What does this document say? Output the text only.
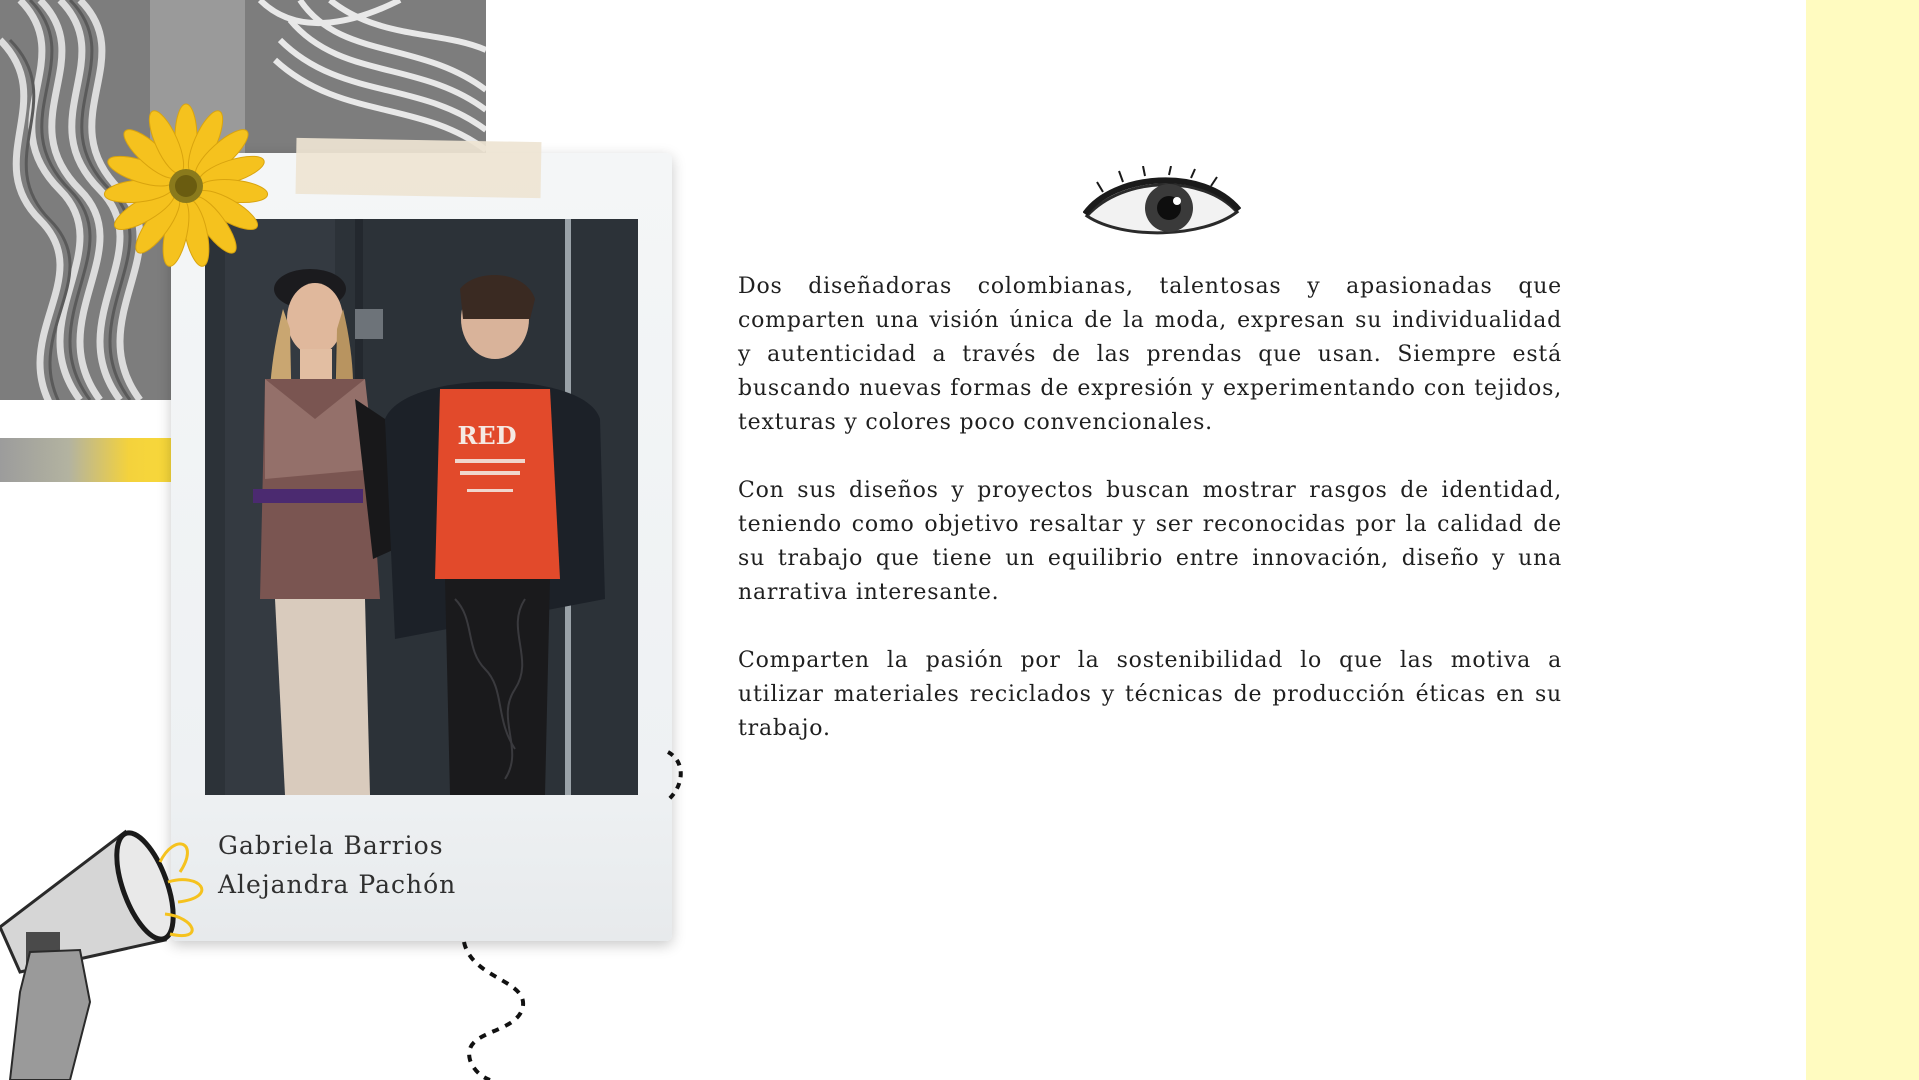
RED
Gabriela Barrios
Alejandra Pachón

Dos diseñadoras colombianas, talentosas y apasionadas que comparten una visión única de la moda, expresan su individualidad y autenticidad a través de las prendas que usan. Siempre está buscando nuevas formas de expresión y experimentando con tejidos, texturas y colores poco convencionales.

Con sus diseños y proyectos buscan mostrar rasgos de identidad, teniendo como objetivo resaltar y ser reconocidas por la calidad de su trabajo que tiene un equilibrio entre innovación, diseño y una narrativa interesante.

Comparten la pasión por la sostenibilidad lo que las motiva a utilizar materiales reciclados y técnicas de producción éticas en su trabajo.
